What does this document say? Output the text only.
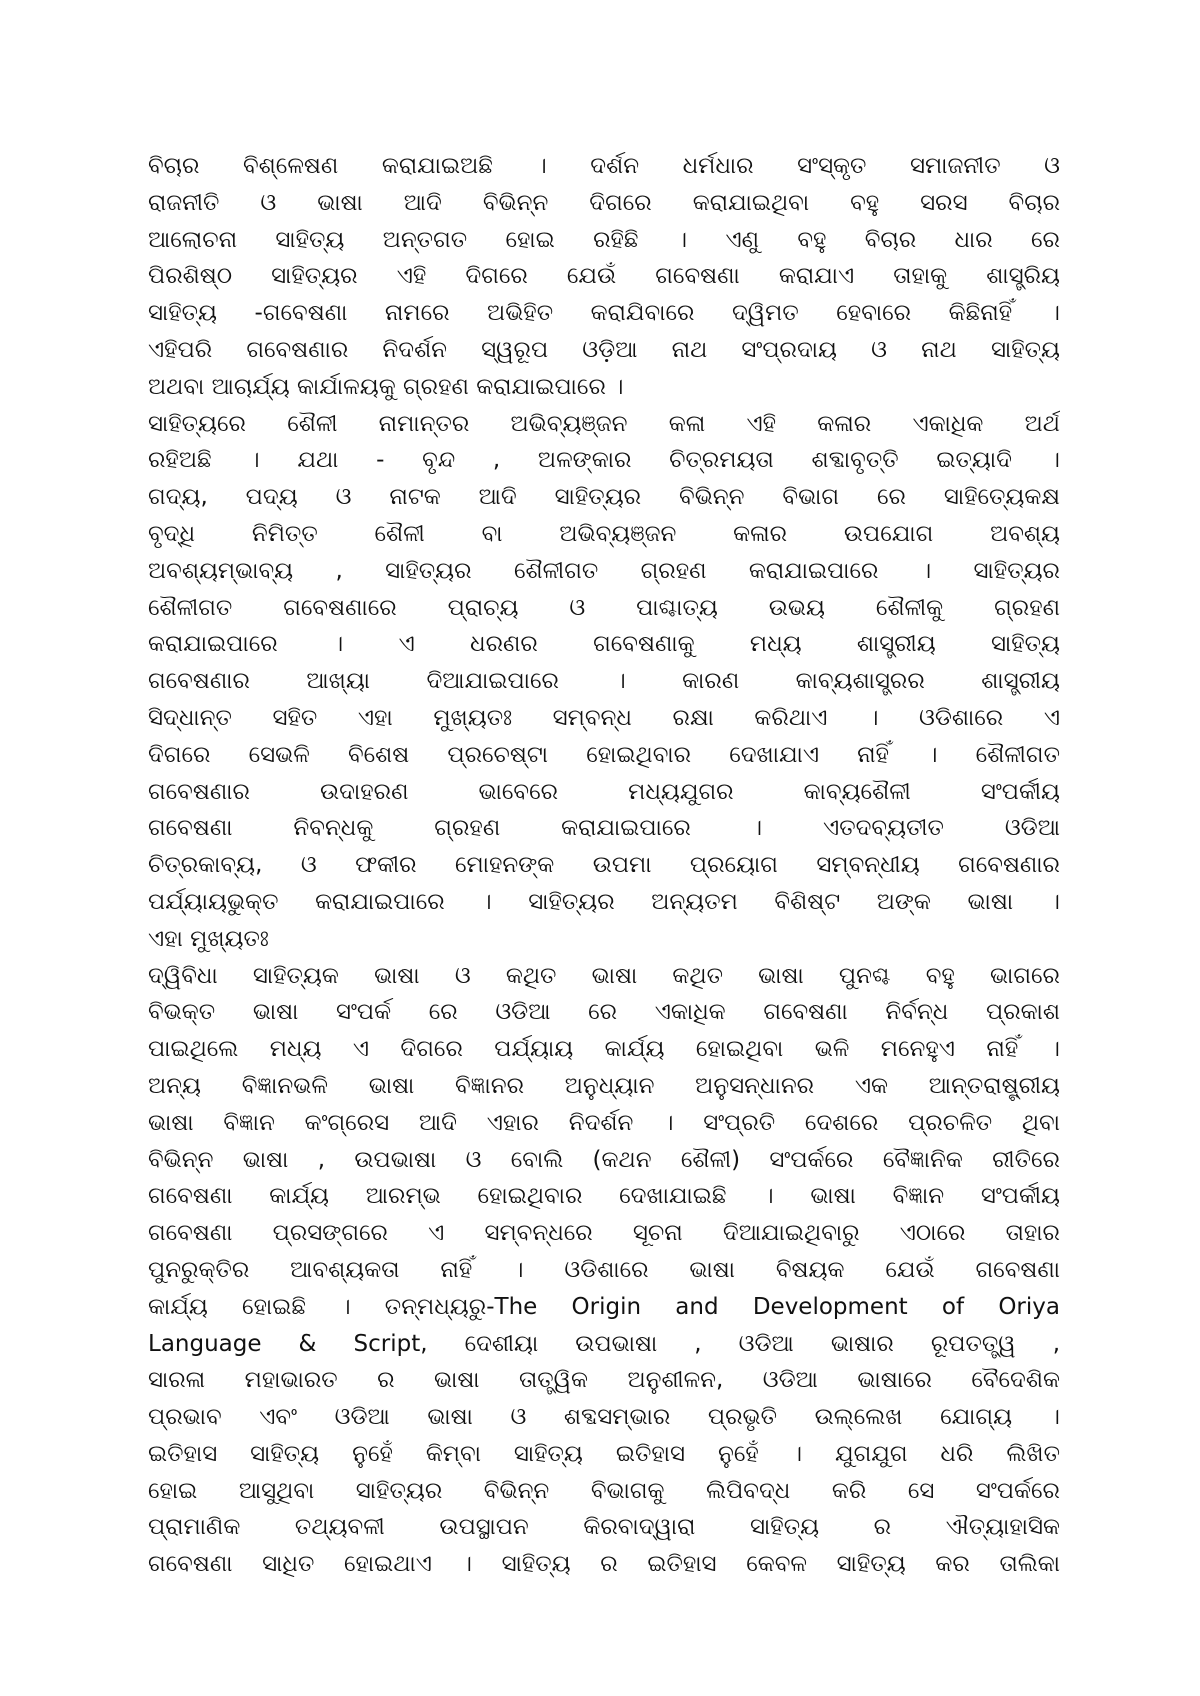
ବିଚାର ବିଶ୍ଳେଷଣ କରାଯାଇଅଛି । ଦର୍ଶନ ଧର୍ମଧାର ସଂସ୍କୃତ ସମାଜନୀତ ଓ
ରାଜନୀତି ଓ ଭାଷା ଆଦି ବିଭିନ୍ନ ଦିଗରେ କରାଯାଇଥିବା ବହୁ ସରସ ବିଚାର
ଆଲୋଚନା ସାହିତ୍ୟ ଅନ୍ତଗତ ହୋଇ ରହିଛି । ଏଣୁ ବହୁ ବିଚାର ଧାର ରେ
ପିରଶିଷ୍ଠ ସାହିତ୍ୟର ଏହି ଦିଗରେ ଯେଉଁ ଗବେଷଣା କରାଯାଏ ତାହାକୁ ଶାସ୍ତ୍ରିୟ
ସାହିତ୍ୟ -ଗବେଷଣା ନାମରେ ଅଭିହିତ କରାଯିବାରେ ଦ୍ୱିମତ ହେବାରେ କିଛିନାହିଁ ।
ଏହିପରି ଗବେଷଣାର ନିଦର୍ଶନ ସ୍ୱରୂପ ଓଡ଼ିଆ ନାଥ ସଂପ୍ରଦାୟ ଓ ନାଥ ସାହିତ୍ୟ
ଅଥବା ଆଚାର୍ଯ୍ୟ କାର୍ଯାଳୟକୁ ଗ୍ରହଣ କରାଯାଇପାରେ ।
ସାହିତ୍ୟରେ ଶୈଳୀ ନାମାନ୍ତର ଅଭିବ୍ୟଞ୍ଜନ କଳା ଏହି କଳାର ଏକାଧିକ ଅର୍ଥ
ରହିଅଛି । ଯଥା - ବୃନ୍ଦ , ଅଳଙ୍କାର ଚିତ୍ରମୟତା ଶବ୍ଦାବୃତ୍ତି ଇତ୍ୟାଦି ।
ଗଦ୍ୟ, ପଦ୍ୟ ଓ ନାଟକ ଆଦି ସାହିତ୍ୟର ବିଭିନ୍ନ ବିଭାଗ ରେ ସାହିତ୍ୟେକକ୍ଷ
ବୃଦ୍ଧି ନିମିତ୍ତ ଶୈଳୀ ବା ଅଭିବ୍ୟଞ୍ଜନ କଳାର ଉପଯୋଗ ଅବଶ୍ୟ
ଅବଶ୍ୟମ୍ଭାବ୍ୟ , ସାହିତ୍ୟର ଶୈଳୀଗତ ଗ୍ରହଣ କରାଯାଇପାରେ । ସାହିତ୍ୟର
ଶୈଳୀଗତ ଗବେଷଣାରେ ପ୍ରାଚ୍ୟ ଓ ପାଶ୍ଚାତ୍ୟ ଉଭୟ ଶୈଳୀକୁ ଗ୍ରହଣ
କରାଯାଇପାରେ । ଏ ଧରଣର ଗବେଷଣାକୁ ମଧ୍ୟ ଶାସ୍ତ୍ରୀୟ ସାହିତ୍ୟ
ଗବେଷଣାର ଆଖ୍ୟା ଦିଆଯାଇପାରେ । କାରଣ କାବ୍ୟଶାସ୍ତ୍ରର ଶାସ୍ତ୍ରୀୟ
ସିଦ୍ଧାନ୍ତ ସହିତ ଏହା ମୁଖ୍ୟତଃ ସମ୍ବନ୍ଧ ରକ୍ଷା କରିଥାଏ । ଓଡିଶାରେ ଏ
ଦିଗରେ ସେଭଳି ବିଶେଷ ପ୍ରଚେଷ୍ଟା ହୋଇଥିବାର ଦେଖାଯାଏ ନାହିଁ । ଶୈଳୀଗତ
ଗବେଷଣାର ଉଦାହରଣ ଭାବେରେ ମଧ୍ୟଯୁଗର କାବ୍ୟଶୈଳୀ ସଂପର୍କୀୟ
ଗବେଷଣା ନିବନ୍ଧକୁ ଗ୍ରହଣ କରାଯାଇପାରେ । ଏତଦବ୍ୟତୀତ ଓଡିଆ
ଚିତ୍ରକାବ୍ୟ, ଓ ଫକୀର ମୋହନଙ୍କ ଉପମା ପ୍ରୟୋଗ ସମ୍ବନ୍ଧୀୟ ଗବେଷଣାର
ପର୍ଯ୍ୟାୟଭୁକ୍ତ କରାଯାଇପାରେ । ସାହିତ୍ୟର ଅନ୍ୟତମ ବିଶିଷ୍ଟ ଅଙ୍କ ଭାଷା ।
ଏହା ମୁଖ୍ୟତଃ
ଦ୍ୱିବିଧା ସାହିତ୍ୟକ ଭାଷା ଓ କଥିତ ଭାଷା କଥିତ ଭାଷା ପୁନଶ୍ଚ ବହୁ ଭାଗରେ
ବିଭକ୍ତ ଭାଷା ସଂପର୍କ ରେ ଓଡିଆ ରେ ଏକାଧିକ ଗବେଷଣା ନିର୍ବନ୍ଧ ପ୍ରକାଶ
ପାଇଥିଲେ ମଧ୍ୟ ଏ ଦିଗରେ ପର୍ଯ୍ୟାୟ କାର୍ଯ୍ୟ ହୋଇଥିବା ଭଳି ମନେହୁଏ ନାହିଁ ।
ଅନ୍ୟ ବିଜ୍ଞାନଭଳି ଭାଷା ବିଜ୍ଞାନର ଅନୁଧ୍ୟାନ ଅନୁସନ୍ଧାନର ଏକ ଆନ୍ତରାଷ୍ଟ୍ରୀୟ
ଭାଷା ବିଜ୍ଞାନ କଂଗ୍ରେସ ଆଦି ଏହାର ନିଦର୍ଶନ । ସଂପ୍ରତି ଦେଶରେ ପ୍ରଚଳିତ ଥିବା
ବିଭିନ୍ନ ଭାଷା , ଉପଭାଷା ଓ ବୋଲି (କଥନ ଶୈଳୀ) ସଂପର୍କରେ ବୈଜ୍ଞାନିକ ରୀତିରେ
ଗବେଷଣା କାର୍ଯ୍ୟ ଆରମ୍ଭ ହୋଇଥିବାର ଦେଖାଯାଇଛି । ଭାଷା ବିଜ୍ଞାନ ସଂପର୍କୀୟ
ଗବେଷଣା ପ୍ରସଙ୍ଗରେ ଏ ସମ୍ବନ୍ଧରେ ସୂଚନା ଦିଆଯାଇଥିବାରୁ ଏଠାରେ ତାହାର
ପୁନରୁକ୍ତିର ଆବଶ୍ୟକତା ନାହିଁ । ଓଡିଶାରେ ଭାଷା ବିଷୟକ ଯେଉଁ ଗବେଷଣା
କାର୍ଯ୍ୟ ହୋଇଛି । ତନ୍ମଧ୍ୟରୁ-The Origin and Development of Oriya
Language & Script, ଦେଶୀୟା ଉପଭାଷା , ଓଡିଆ ଭାଷାର ରୂପତତ୍ତ୍ୱ ,
ସାରଳା ମହାଭାରତ ର ଭାଷା ତାତ୍ତ୍ୱିକ ଅନୁଶୀଳନ, ଓଡିଆ ଭାଷାରେ ବୈଦେଶିକ
ପ୍ରଭାବ ଏବଂ ଓଡିଆ ଭାଷା ଓ ଶବ୍ଦସମ୍ଭାର ପ୍ରଭୃତି ଉଲ୍ଲେଖ ଯୋଗ୍ୟ ।
ଇତିହାସ ସାହିତ୍ୟ ନୁହେଁ କିମ୍ବା ସାହିତ୍ୟ ଇତିହାସ ନୁହେଁ । ଯୁଗଯୁଗ ଧରି ଲିଖିତ
ହୋଇ ଆସୁଥିବା ସାହିତ୍ୟର ବିଭିନ୍ନ ବିଭାଗକୁ ଲିପିବଦ୍ଧ କରି ସେ ସଂପର୍କରେ
ପ୍ରାମାଣିକ ତଥ୍ୟବଳୀ ଉପସ୍ଥାପନ କିରବାଦ୍ୱାରା ସାହିତ୍ୟ ର ଐତ୍ୟାହାସିକ
ଗବେଷଣା ସାଧିତ ହୋଇଥାଏ । ସାହିତ୍ୟ ର ଇତିହାସ କେବଳ ସାହିତ୍ୟ କର ତାଲିକା
